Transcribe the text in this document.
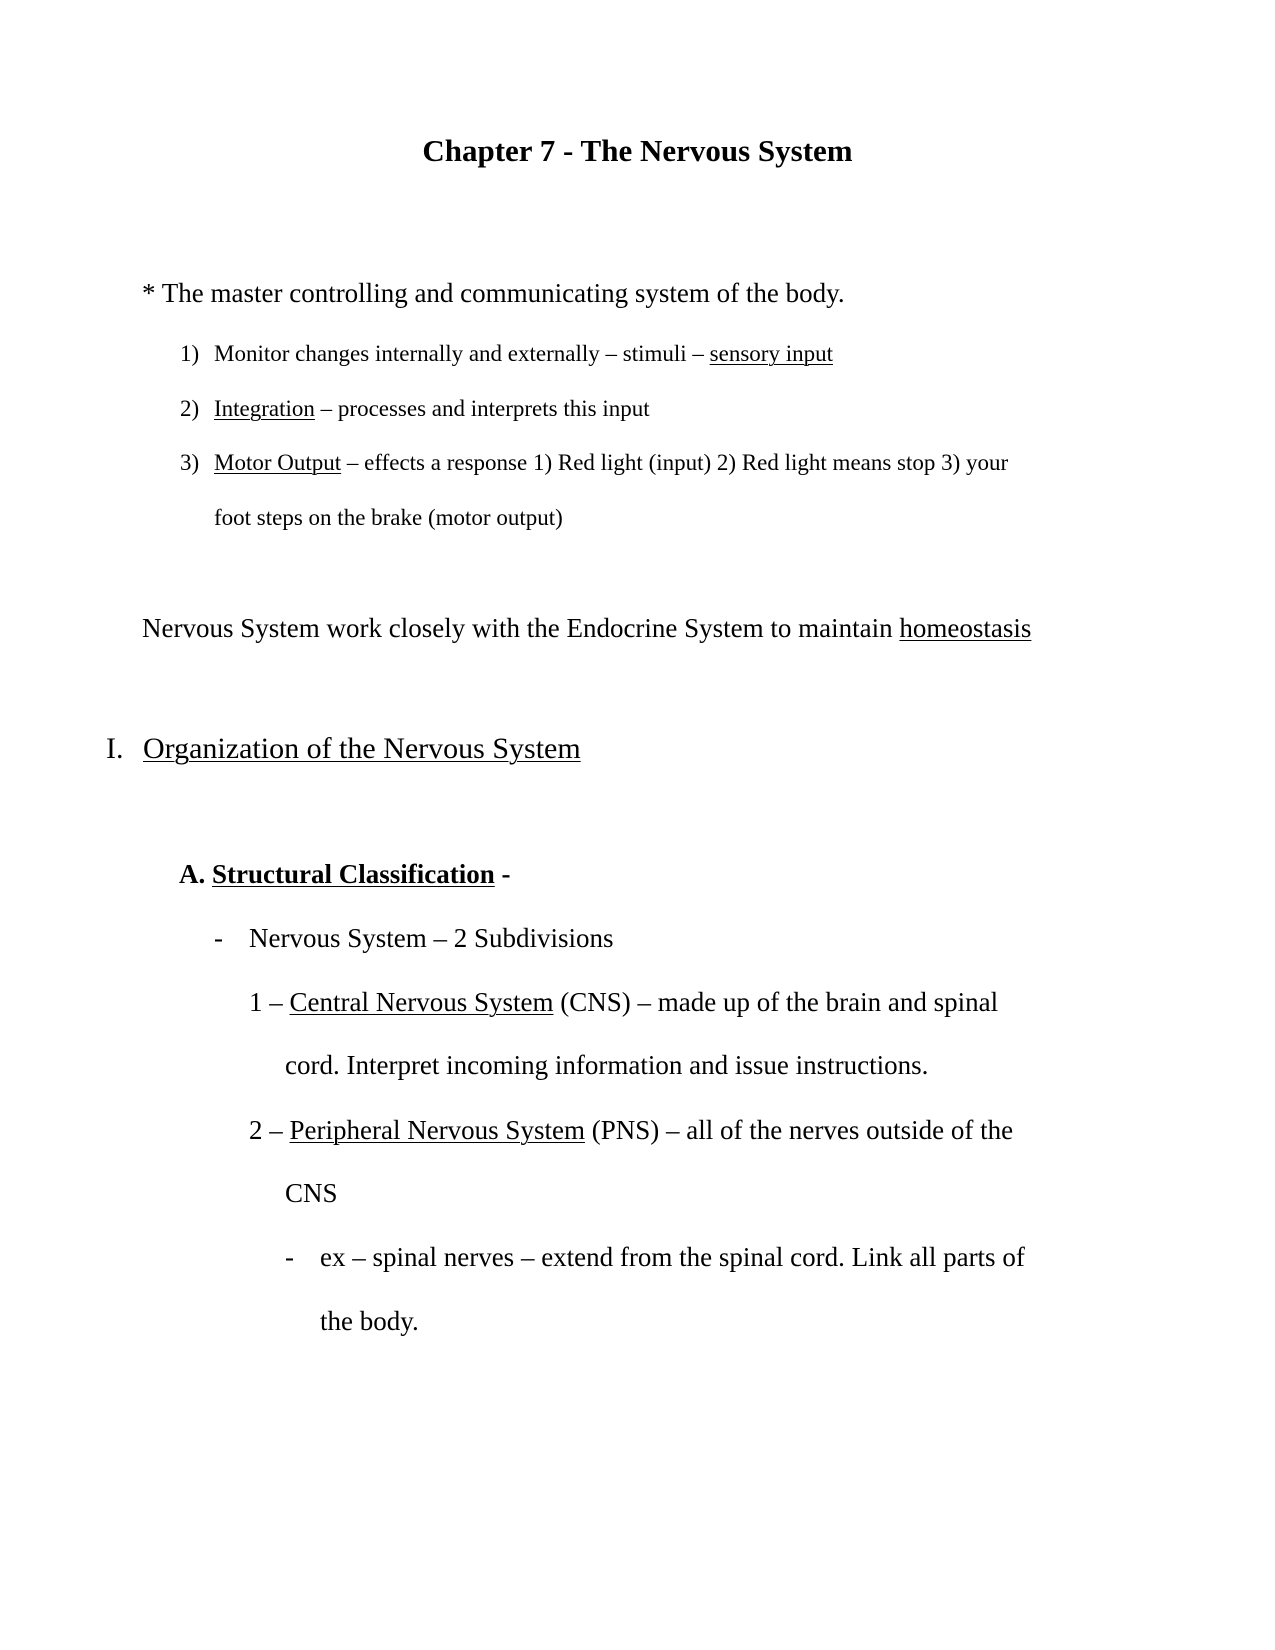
Chapter 7 - The Nervous System
* The master controlling and communicating system of the body.
1) Monitor changes internally and externally – stimuli – sensory input
2) Integration – processes and interprets this input
3) Motor Output – effects a response 1) Red light (input) 2) Red light means stop 3) your
foot steps on the brake (motor output)
Nervous System work closely with the Endocrine System to maintain homeostasis
I. Organization of the Nervous System
A. Structural Classification -
- Nervous System – 2 Subdivisions
1 – Central Nervous System (CNS) – made up of the brain and spinal
cord. Interpret incoming information and issue instructions.
2 – Peripheral Nervous System (PNS) – all of the nerves outside of the
CNS
- ex – spinal nerves – extend from the spinal cord. Link all parts of
the body.
